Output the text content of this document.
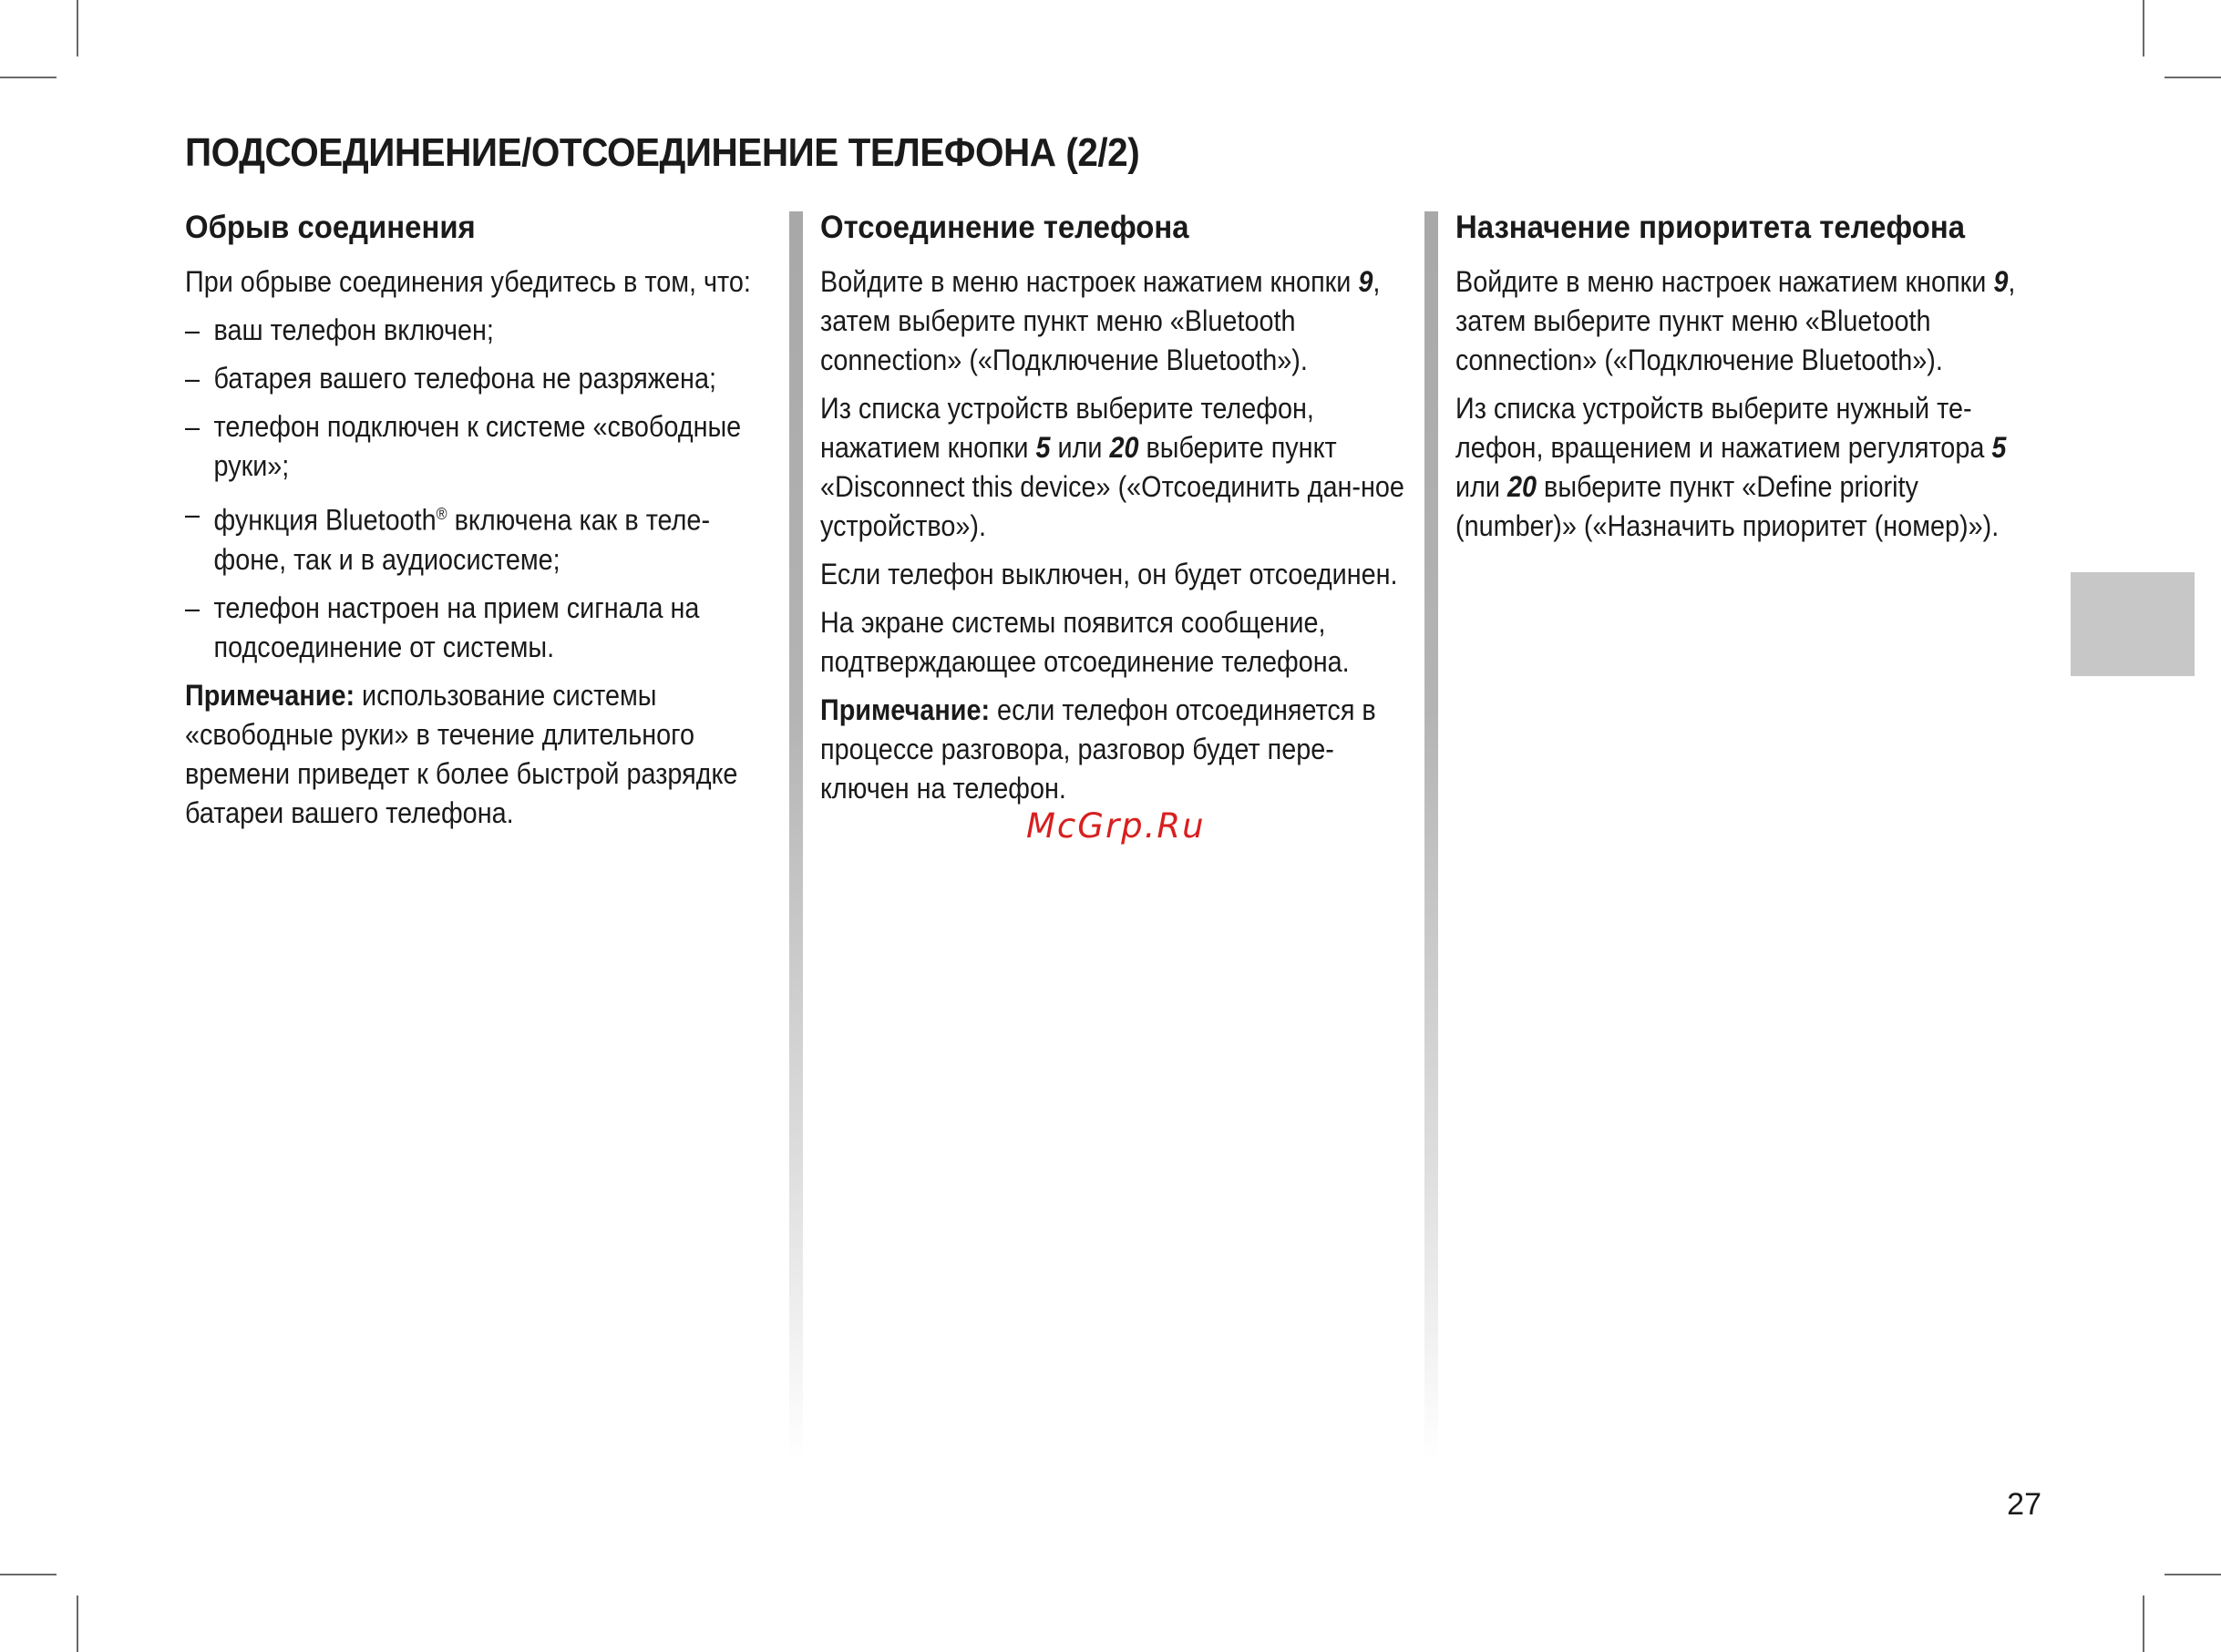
ПОДСОЕДИНЕНИЕ/ОТСОЕДИНЕНИЕ ТЕЛЕФОНА (2/2)
Обрыв соединения

При обрыве соединения убедитесь в том, что:

– ваш телефон включен;
– батарея вашего телефона не разряжена;
– телефон подключен к системе «свободные руки»;
– функция Bluetooth® включена как в теле-фоне, так и в аудиосистеме;
– телефон настроен на прием сигнала на подсоединение от системы.

Примечание: использование системы «свободные руки» в течение длительного времени приведет к более быстрой разрядке батареи вашего телефона.

Отсоединение телефона

Войдите в меню настроек нажатием кнопки 9, затем выберите пункт меню «Bluetooth connection» («Подключение Bluetooth»).

Из списка устройств выберите телефон, нажатием кнопки 5 или 20 выберите пункт «Disconnect this device» («Отсоединить дан-ное устройство»).

Если телефон выключен, он будет отсоединен.

На экране системы появится сообщение, подтверждающее отсоединение телефона.

Примечание: если телефон отсоединяется в процессе разговора, разговор будет пере-ключен на телефон.

Назначение приоритета телефона

Войдите в меню настроек нажатием кнопки 9, затем выберите пункт меню «Bluetooth connection» («Подключение Bluetooth»).

Из списка устройств выберите нужный те-лефон, вращением и нажатием регулятора 5 или 20 выберите пункт «Define priority (number)» («Назначить приоритет (номер)»).

McGrp.Ru
27
